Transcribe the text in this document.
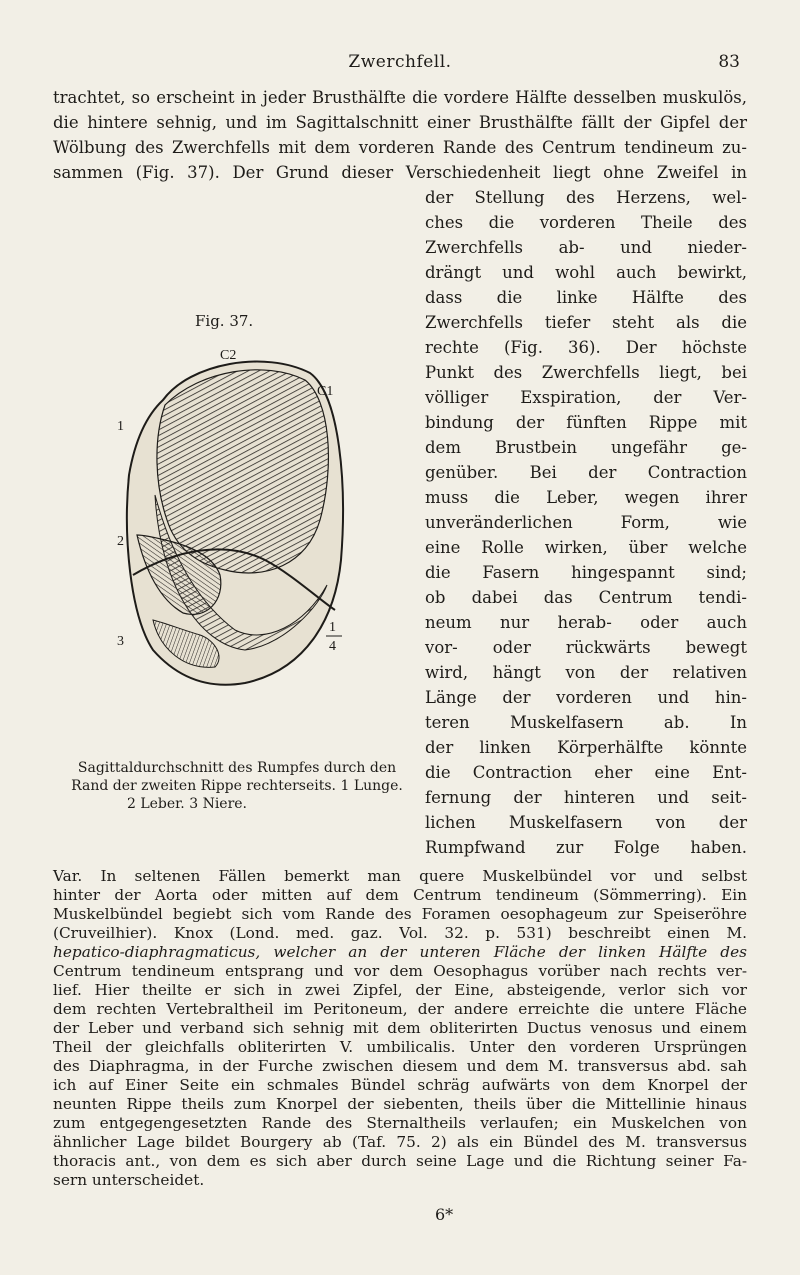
Zwerchfell.	83
trachtet, so erscheint in jeder Brusthälfte die vordere Hälfte desselben muskulös,
die hintere sehnig, und im Sagittalschnitt einer Brusthälfte fällt der Gipfel der
Wölbung des Zwerchfells mit dem vorderen Rande des Centrum tendineum zu-
sammen (Fig. 37). Der Grund dieser Verschiedenheit liegt ohne Zweifel in
der Stellung des Herzens, wel-
ches die vorderen Theile des
Zwerchfells ab- und nieder-
drängt und wohl auch bewirkt,
dass die linke Hälfte des
Zwerchfells tiefer steht als die
rechte (Fig. 36). Der höchste
Punkt des Zwerchfells liegt, bei
völliger Exspiration, der Ver-
bindung der fünften Rippe mit
dem Brustbein ungefähr ge-
genüber. Bei der Contraction
muss die Leber, wegen ihrer
unveränderlichen Form, wie
eine Rolle wirken, über welche
die Fasern hingespannt sind;
ob dabei das Centrum tendi-
neum nur herab- oder auch
vor- oder rückwärts bewegt
wird, hängt von der relativen
Länge der vorderen und hin-
teren Muskelfasern ab. In
der linken Körperhälfte könnte
die Contraction eher eine Ent-
fernung der hinteren und seit-
lichen Muskelfasern von der
Rumpfwand zur Folge haben.
Fig. 37.
C2
C1
1
2
3
1
4
Sagittaldurchschnitt des Rumpfes durch den
Rand der zweiten Rippe rechterseits. 1 Lunge.
2 Leber. 3 Niere.
Var. In seltenen Fällen bemerkt man quere Muskelbündel vor und selbst
hinter der Aorta oder mitten auf dem Centrum tendineum (Sömmerring). Ein
Muskelbündel begiebt sich vom Rande des Foramen oesophageum zur Speiseröhre
(Cruveilhier). Knox (Lond. med. gaz. Vol. 32. p. 531) beschreibt einen M.
hepatico-diaphragmaticus, welcher an der unteren Fläche der linken Hälfte des
Centrum tendineum entsprang und vor dem Oesophagus vorüber nach rechts ver-
lief. Hier theilte er sich in zwei Zipfel, der Eine, absteigende, verlor sich vor
dem rechten Vertebraltheil im Peritoneum, der andere erreichte die untere Fläche
der Leber und verband sich sehnig mit dem obliterirten Ductus venosus und einem
Theil der gleichfalls obliterirten V. umbilicalis. Unter den vorderen Ursprüngen
des Diaphragma, in der Furche zwischen diesem und dem M. transversus abd. sah
ich auf Einer Seite ein schmales Bündel schräg aufwärts von dem Knorpel der
neunten Rippe theils zum Knorpel der siebenten, theils über die Mittellinie hinaus
zum entgegengesetzten Rande des Sternaltheils verlaufen; ein Muskelchen von
ähnlicher Lage bildet Bourgery ab (Taf. 75. 2) als ein Bündel des M. transversus
thoracis ant., von dem es sich aber durch seine Lage und die Richtung seiner Fa-
sern unterscheidet.
6*
